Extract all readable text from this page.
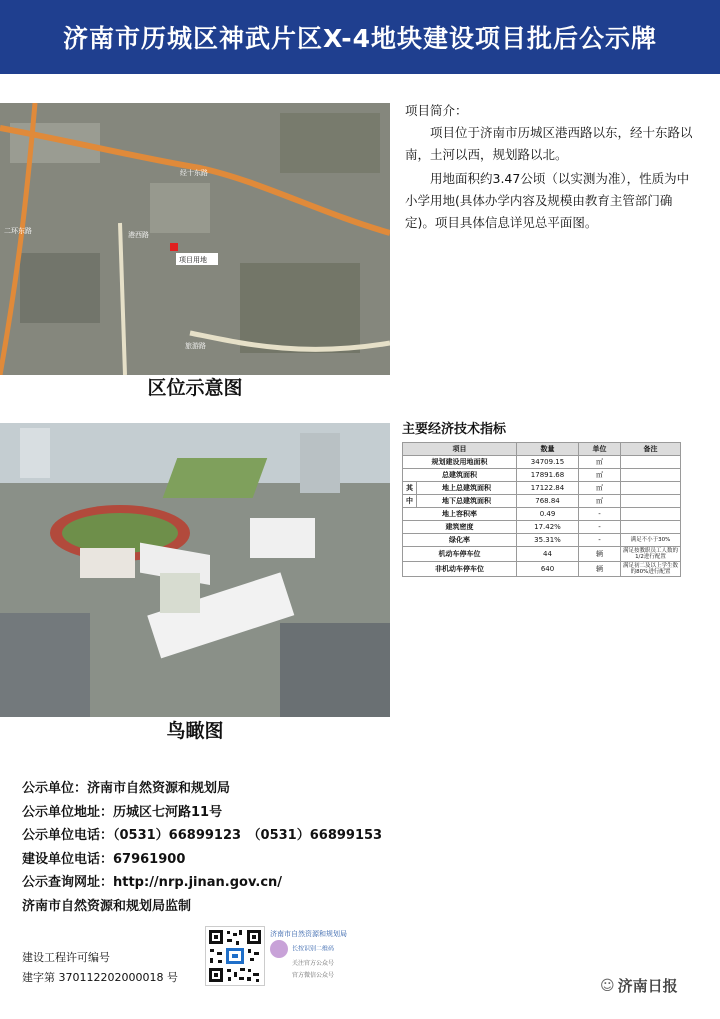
济南市历城区神武片区X-4地块建设项目批后公示牌
经十东路
港西路
旅游路
二环东路
项目用地
区位示意图
项目简介：

项目位于济南市历城区港西路以东，经十东路以南，土河以西，规划路以北。

用地面积约3.47公顷（以实测为准），性质为中小学用地(具体办学内容及规模由教育主管部门确定)。项目具体信息详见总平面图。

鸟瞰图
主要经济技术指标
项目		数量	单位	备注
规划建设用地面积		34709.15	㎡	
总建筑面积		17891.68	㎡	
其	地上总建筑面积	17122.84	㎡	
中	地下总建筑面积	768.84	㎡	
地上容积率		0.49	-	
建筑密度		17.42%	-	
绿化率		35.31%	-	满足不小于30%
机动车停车位		44	辆	满足按教职员工人数的1/2进行配置
非机动车停车位		640	辆	满足初二及以上学生数的80%进行配置
公示单位：济南市自然资源和规划局
公示单位地址：历城区七河路11号
公示单位电话：（0531）66899123　（0531）66899153
建设单位电话：67961900
公示查询网址：http://nrp.jinan.gov.cn/
济南市自然资源和规划局监制
建设工程许可编号
建字第 370112202000018 号
济南市自然资源和规划局
长按识别二维码
关注官方公众号
官方微信公众号
☺ 济南日报
